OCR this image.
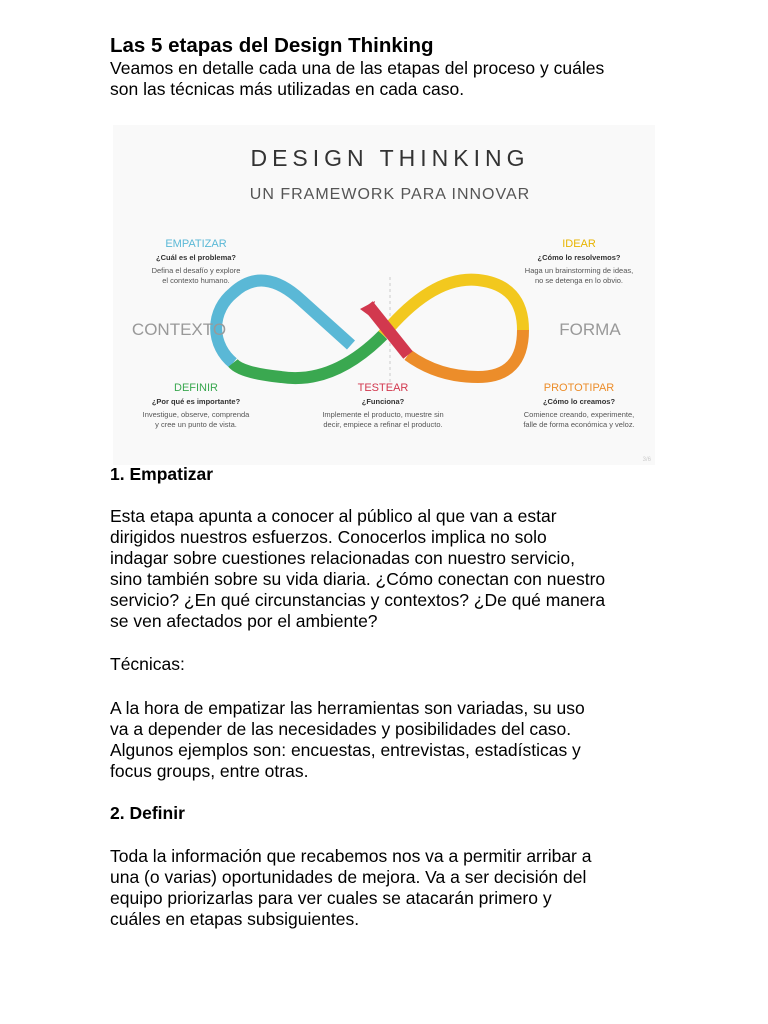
Las 5 etapas del Design Thinking

Veamos en detalle cada una de las etapas del proceso y cuáles

son las técnicas más utilizadas en cada caso.

DESIGN THINKING
UN FRAMEWORK PARA INNOVAR
CONTEXTO	FORMA
EMPATIZAR
¿Cuál es el problema?
Defina el desafío y explore
el contexto humano.
IDEAR
¿Cómo lo resolvemos?
Haga un brainstorming de ideas,
no se detenga en lo obvio.
DEFINIR
¿Por qué es importante?
Investigue, observe, comprenda
y cree un punto de vista.
TESTEAR
¿Funciona?
Implemente el producto, muestre sin
decir, empiece a refinar el producto.
PROTOTIPAR
¿Cómo lo creamos?
Comience creando, experimente,
falle de forma económica y veloz.
3/6

1. Empatizar

Esta etapa apunta a conocer al público al que van a estar

dirigidos nuestros esfuerzos. Conocerlos implica no solo

indagar sobre cuestiones relacionadas con nuestro servicio,

sino también sobre su vida diaria. ¿Cómo conectan con nuestro

servicio? ¿En qué circunstancias y contextos? ¿De qué manera

se ven afectados por el ambiente?

Técnicas:

A la hora de empatizar las herramientas son variadas, su uso

va a depender de las necesidades y posibilidades del caso.

Algunos ejemplos son: encuestas, entrevistas, estadísticas y

focus groups, entre otras.

2. Definir

Toda la información que recabemos nos va a permitir arribar a

una (o varias) oportunidades de mejora. Va a ser decisión del

equipo priorizarlas para ver cuales se atacarán primero y

cuáles en etapas subsiguientes.
